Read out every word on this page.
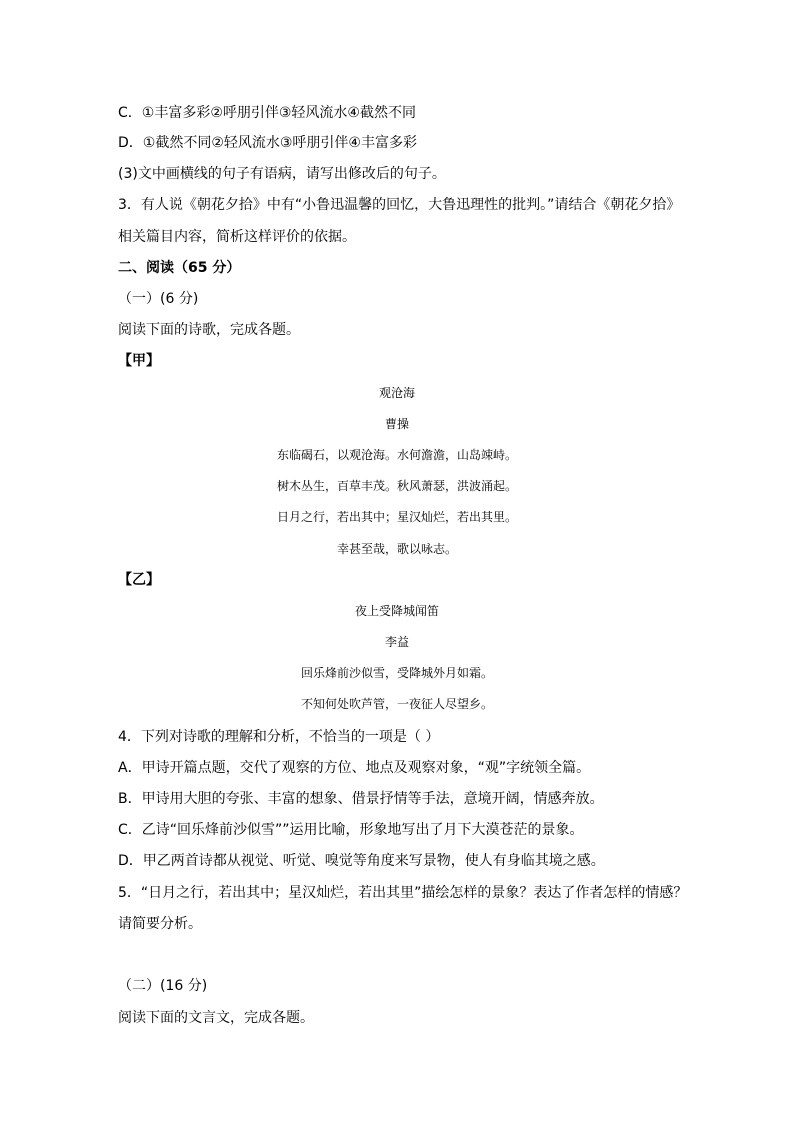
C．①丰富多彩②呼朋引伴③轻风流水④截然不同
D．①截然不同②轻风流水③呼朋引伴④丰富多彩
(3)文中画横线的句子有语病，请写出修改后的句子。
3．有人说《朝花夕拾》中有“小鲁迅温馨的回忆，大鲁迅理性的批判。”请结合《朝花夕拾》
相关篇目内容，简析这样评价的依据。
二、阅读（65 分）
（一）(6 分)
阅读下面的诗歌，完成各题。
【甲】
观沧海
曹操
东临碣石，以观沧海。水何澹澹，山岛竦峙。
树木丛生，百草丰茂。秋风萧瑟，洪波涌起。
日月之行，若出其中；星汉灿烂，若出其里。
幸甚至哉，歌以咏志。
【乙】
夜上受降城闻笛
李益
回乐烽前沙似雪，受降城外月如霜。
不知何处吹芦管，一夜征人尽望乡。
4．下列对诗歌的理解和分析，不恰当的一项是（ ）
A．甲诗开篇点题，交代了观察的方位、地点及观察对象，“观”字统领全篇。
B．甲诗用大胆的夸张、丰富的想象、借景抒情等手法，意境开阔，情感奔放。
C．乙诗“回乐烽前沙似雪””运用比喻，形象地写出了月下大漠苍茫的景象。
D．甲乙两首诗都从视觉、听觉、嗅觉等角度来写景物，使人有身临其境之感。
5．“日月之行，若出其中；星汉灿烂，若出其里”描绘怎样的景象？表达了作者怎样的情感？
请简要分析。
（二）(16 分)
阅读下面的文言文，完成各题。
